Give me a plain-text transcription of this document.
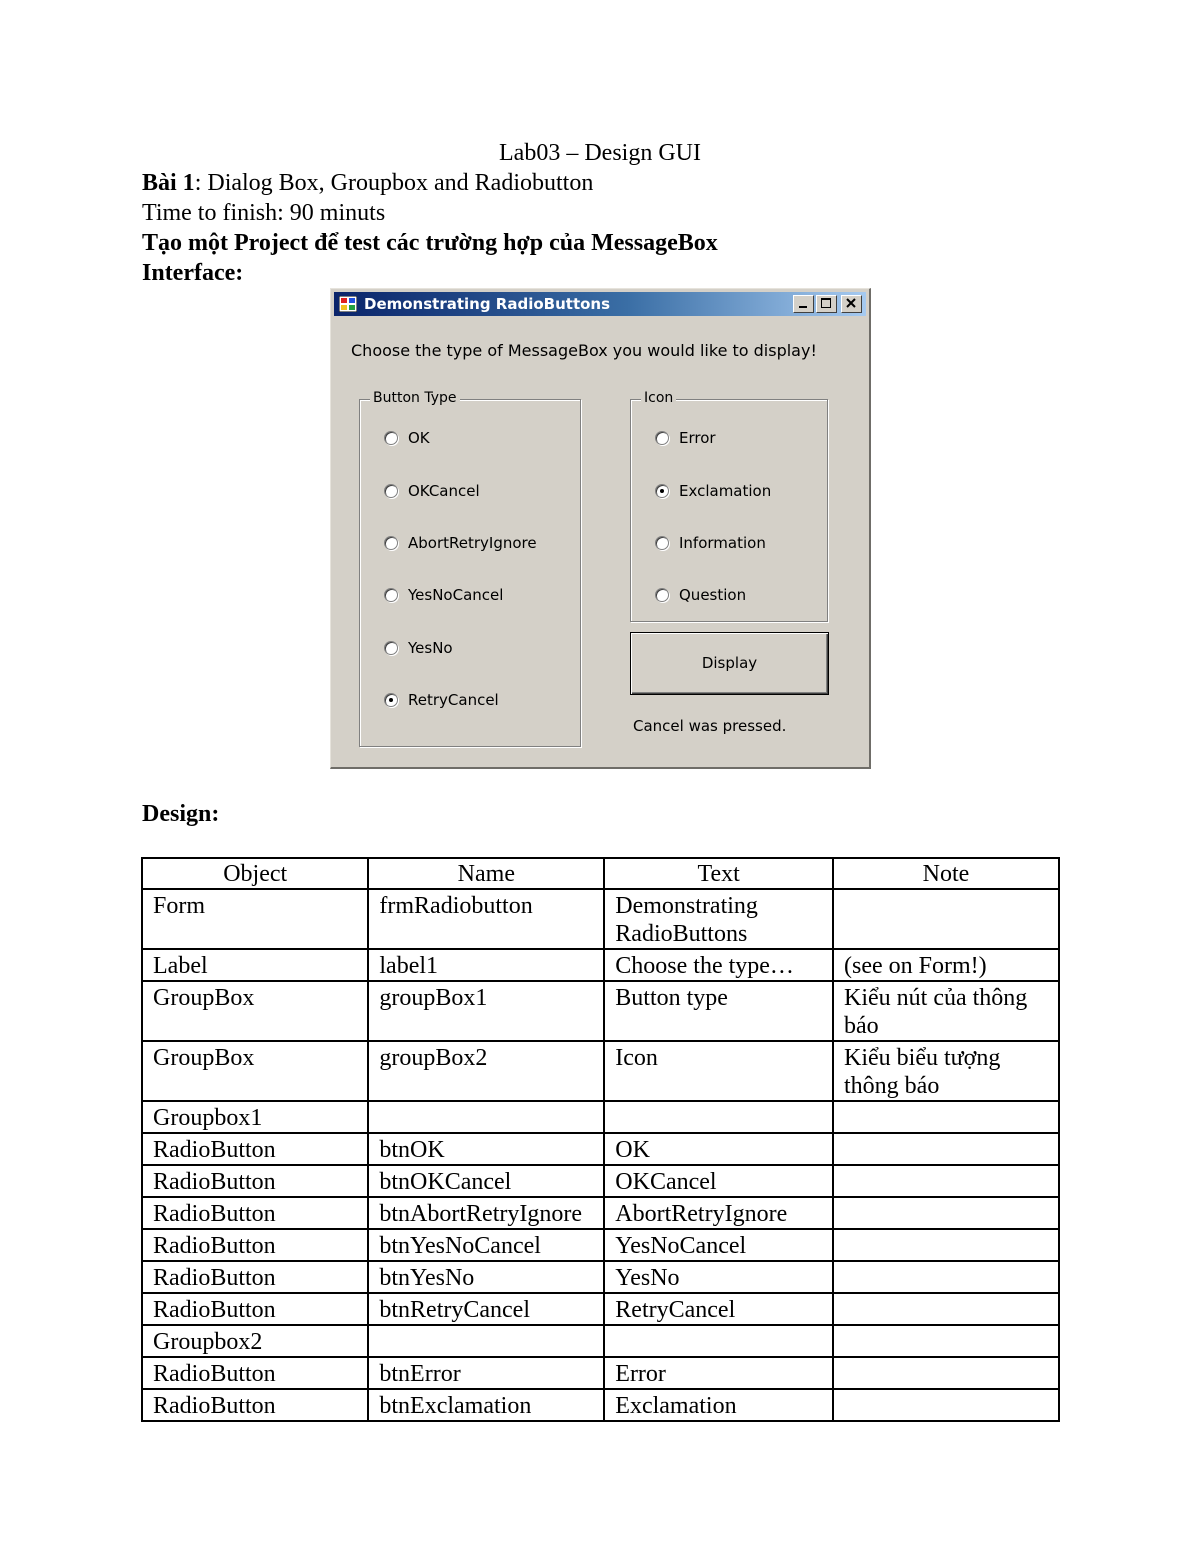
Lab03 – Design GUI
Bài 1: Dialog Box, Groupbox and Radiobutton
Time to finish: 90 minuts
Tạo một Project để test các trường hợp của MessageBox
Interface:
Demonstrating RadioButtons
Choose the type of MessageBox you would like to display!
Button Type
OK
OKCancel
AbortRetryIgnore
YesNoCancel
YesNo
RetryCancel
Icon
Error
Exclamation
Information
Question
Display
Cancel was pressed.
Design:
Object	Name	Text	Note
Form	frmRadiobutton	Demonstrating RadioButtons	
Label	label1	Choose the type…	(see on Form!)
GroupBox	groupBox1	Button type	Kiểu nút của thông báo
GroupBox	groupBox2	Icon	Kiểu biểu tượng thông báo
Groupbox1			
RadioButton	btnOK	OK	
RadioButton	btnOKCancel	OKCancel	
RadioButton	btnAbortRetryIgnore	AbortRetryIgnore	
RadioButton	btnYesNoCancel	YesNoCancel	
RadioButton	btnYesNo	YesNo	
RadioButton	btnRetryCancel	RetryCancel	
Groupbox2			
RadioButton	btnError	Error	
RadioButton	btnExclamation	Exclamation	
